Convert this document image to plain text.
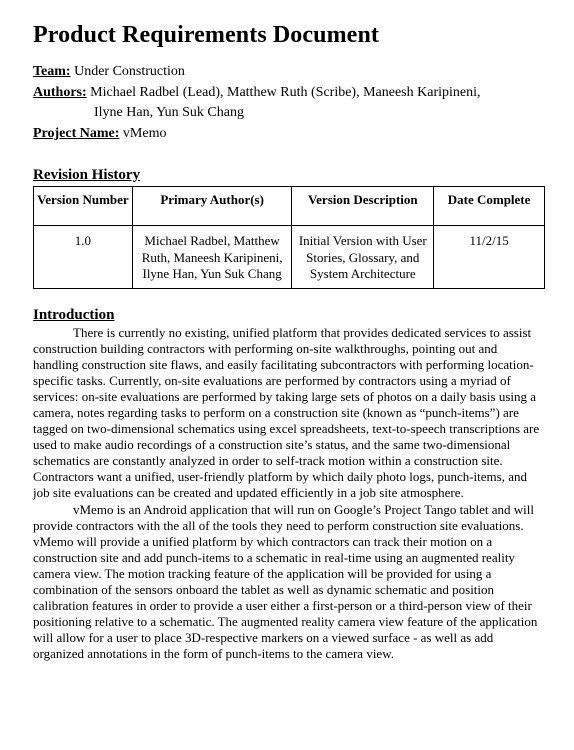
Product Requirements Document

Team: Under Construction

Authors: Michael Radbel (Lead), Matthew Ruth (Scribe), Maneesh Karipineni,

Ilyne Han, Yun Suk Chang

Project Name: vMemo

Revision History
Version Number	Primary Author(s)	Version Description	Date Complete
1.0	Michael Radbel, Matthew Ruth, Maneesh Karipineni, Ilyne Han, Yun Suk Chang	Initial Version with User Stories, Glossary, and System Architecture	11/2/15
Introduction

There is currently no existing, unified platform that provides dedicated services to assist construction building contractors with performing on-site walkthroughs, pointing out and handling construction site flaws, and easily facilitating subcontractors with performing location-specific tasks. Currently, on-site evaluations are performed by contractors using a myriad of services: on-site evaluations are performed by taking large sets of photos on a daily basis using a camera, notes regarding tasks to perform on a construction site (known as “punch-items”) are tagged on two-dimensional schematics using excel spreadsheets, text-to-speech transcriptions are used to make audio recordings of a construction site’s status, and the same two-dimensional schematics are constantly analyzed in order to self-track motion within a construction site. Contractors want a unified, user-friendly platform by which daily photo logs, punch-items, and job site evaluations can be created and updated efficiently in a job site atmosphere.

vMemo is an Android application that will run on Google’s Project Tango tablet and will provide contractors with the all of the tools they need to perform construction site evaluations. vMemo will provide a unified platform by which contractors can track their motion on a construction site and add punch-items to a schematic in real-time using an augmented reality camera view. The motion tracking feature of the application will be provided for using a combination of the sensors onboard the tablet as well as dynamic schematic and position calibration features in order to provide a user either a first-person or a third-person view of their positioning relative to a schematic. The augmented reality camera view feature of the application will allow for a user to place 3D-respective markers on a viewed surface - as well as add organized annotations in the form of punch-items to the camera view.
